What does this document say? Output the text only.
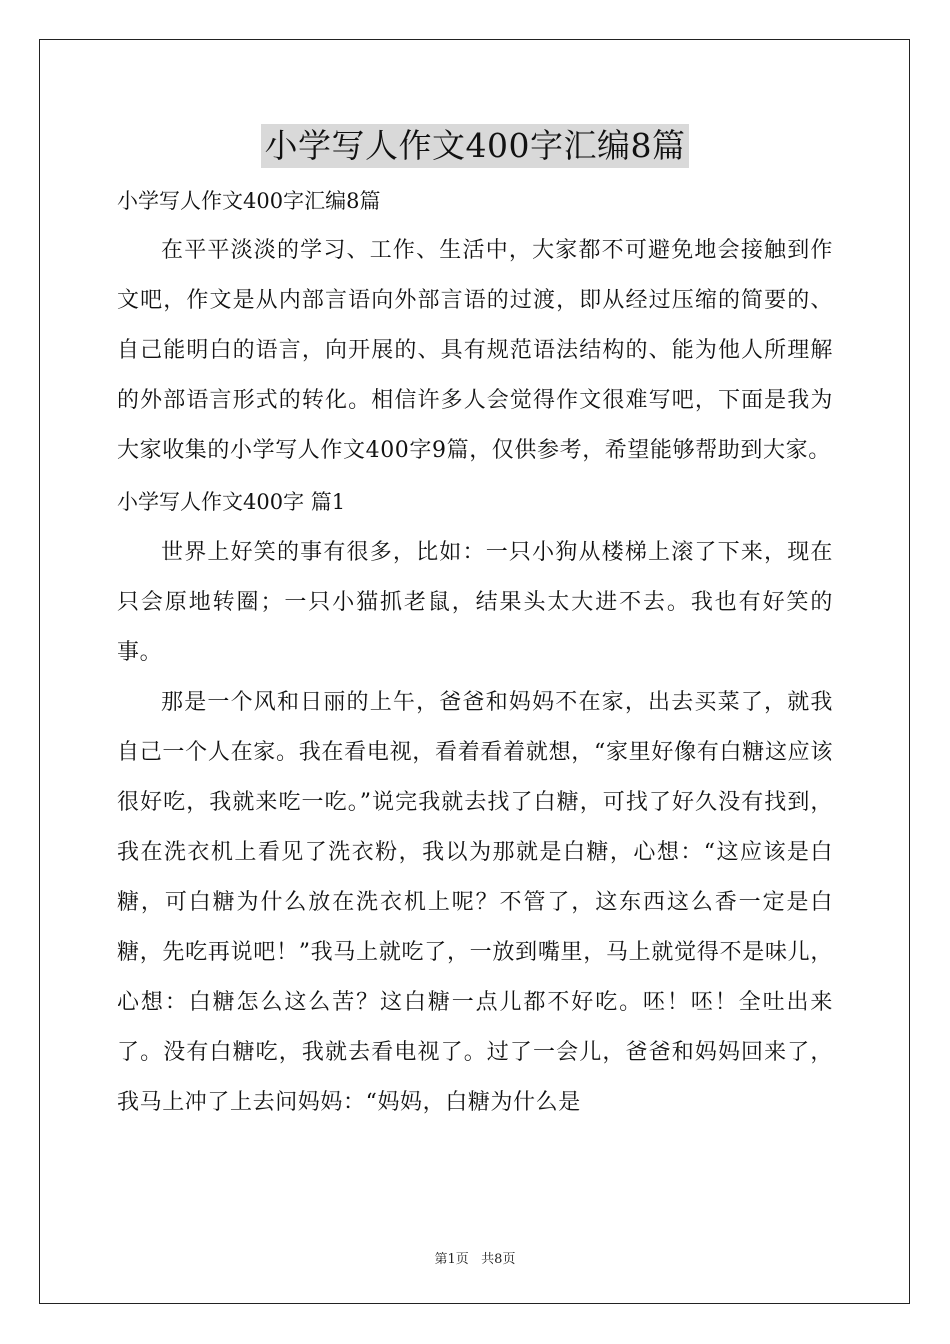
小学写人作文400字汇编8篇

小学写人作文400字汇编8篇

在平平淡淡的学习、工作、生活中，大家都不可避免地会接触到作文吧，作文是从内部言语向外部言语的过渡，即从经过压缩的简要的、自己能明白的语言，向开展的、具有规范语法结构的、能为他人所理解的外部语言形式的转化。相信许多人会觉得作文很难写吧，下面是我为大家收集的小学写人作文400字9篇，仅供参考，希望能够帮助到大家。

小学写人作文400字 篇1

世界上好笑的事有很多，比如：一只小狗从楼梯上滚了下来，现在只会原地转圈；一只小猫抓老鼠，结果头太大进不去。我也有好笑的事。

那是一个风和日丽的上午，爸爸和妈妈不在家，出去买菜了，就我自己一个人在家。我在看电视，看着看着就想，“家里好像有白糖这应该很好吃，我就来吃一吃。”说完我就去找了白糖，可找了好久没有找到，我在洗衣机上看见了洗衣粉，我以为那就是白糖，心想：“这应该是白糖，可白糖为什么放在洗衣机上呢？不管了，这东西这么香一定是白糖，先吃再说吧！”我马上就吃了，一放到嘴里，马上就觉得不是味儿，心想：白糖怎么这么苦？这白糖一点儿都不好吃。呸！呸！全吐出来了。没有白糖吃，我就去看电视了。过了一会儿，爸爸和妈妈回来了，我马上冲了上去问妈妈：“妈妈，白糖为什么是

第1页   共8页
